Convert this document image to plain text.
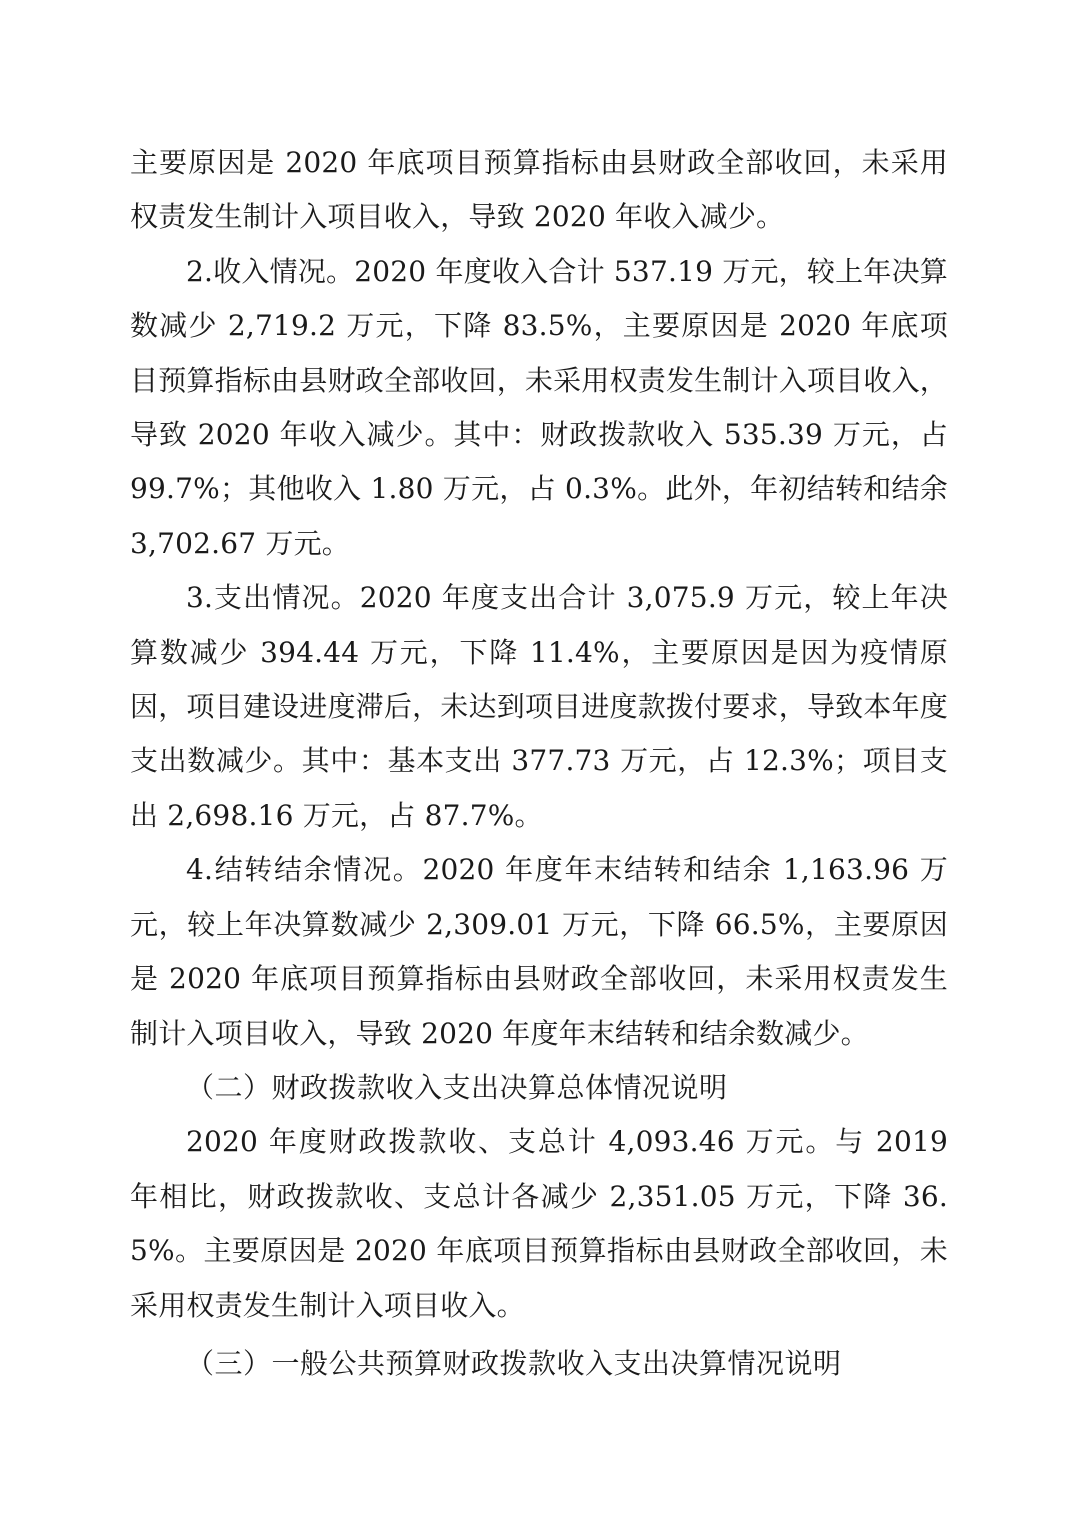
主要原因是 2020 年底项目预算指标由县财政全部收回，未采用权责发生制计入项目收入，导致 2020 年收入减少。

2.收入情况。2020 年度收入合计 537.19 万元，较上年决算数减少 2,719.2 万元，下降 83.5%，主要原因是 2020 年底项目预算指标由县财政全部收回，未采用权责发生制计入项目收入，导致 2020 年收入减少。其中：财政拨款收入 535.39 万元，占 99.7%；其他收入 1.80 万元，占 0.3%。此外，年初结转和结余 3,702.67 万元。

3.支出情况。2020 年度支出合计 3,075.9 万元，较上年决算数减少 394.44 万元，下降 11.4%，主要原因是因为疫情原因，项目建设进度滞后，未达到项目进度款拨付要求，导致本年度支出数减少。其中：基本支出 377.73 万元，占 12.3%；项目支出 2,698.16 万元，占 87.7%。

4.结转结余情况。2020 年度年末结转和结余 1,163.96 万元，较上年决算数减少 2,309.01 万元，下降 66.5%，主要原因是 2020 年底项目预算指标由县财政全部收回，未采用权责发生制计入项目收入，导致 2020 年度年末结转和结余数减少。

（二）财政拨款收入支出决算总体情况说明

2020 年度财政拨款收、支总计 4,093.46 万元。与 2019 年相比，财政拨款收、支总计各减少 2,351.05 万元，下降 36.5%。主要原因是 2020 年底项目预算指标由县财政全部收回，未采用权责发生制计入项目收入。

（三）一般公共预算财政拨款收入支出决算情况说明
